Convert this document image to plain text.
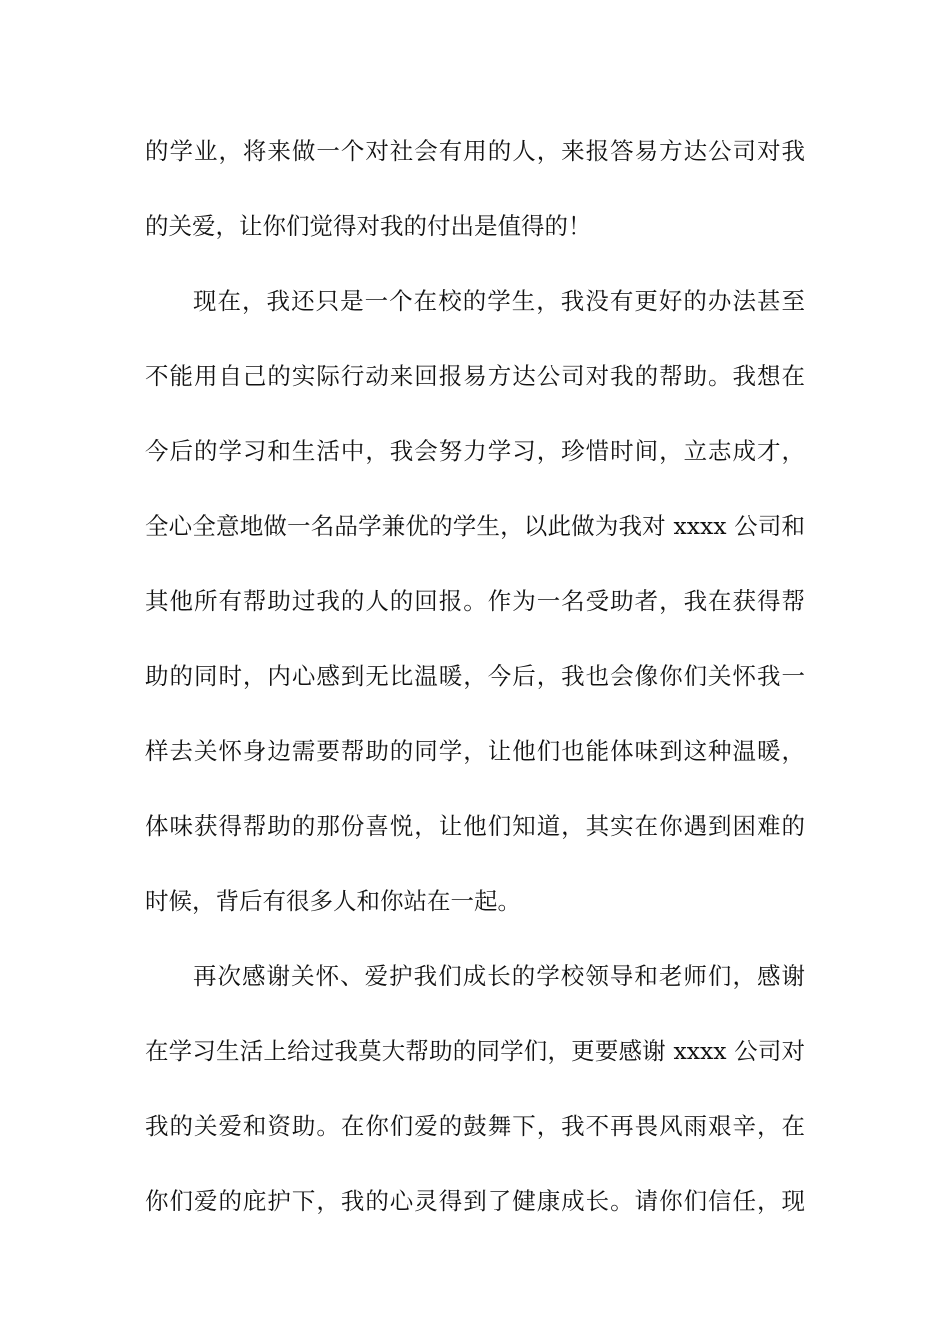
的学业，将来做一个对社会有用的人，来报答易方达公司对我
的关爱，让你们觉得对我的付出是值得的！
现在，我还只是一个在校的学生，我没有更好的办法甚至
不能用自己的实际行动来回报易方达公司对我的帮助。我想在
今后的学习和生活中，我会努力学习，珍惜时间，立志成才，
全心全意地做一名品学兼优的学生，以此做为我对 xxxx 公司和
其他所有帮助过我的人的回报。作为一名受助者，我在获得帮
助的同时，内心感到无比温暖，今后，我也会像你们关怀我一
样去关怀身边需要帮助的同学，让他们也能体味到这种温暖，
体味获得帮助的那份喜悦，让他们知道，其实在你遇到困难的
时候，背后有很多人和你站在一起。
再次感谢关怀、爱护我们成长的学校领导和老师们，感谢
在学习生活上给过我莫大帮助的同学们，更要感谢 xxxx 公司对
我的关爱和资助。在你们爱的鼓舞下，我不再畏风雨艰辛，在
你们爱的庇护下，我的心灵得到了健康成长。请你们信任，现
